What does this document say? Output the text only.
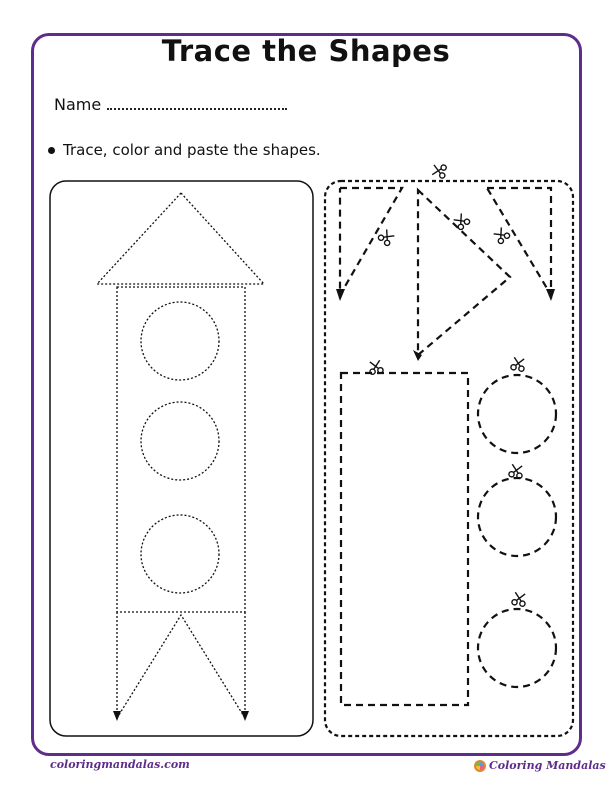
Trace the Shapes
Name
Trace, color and paste the shapes.
coloringmandalas.com	Coloring Mandalas
